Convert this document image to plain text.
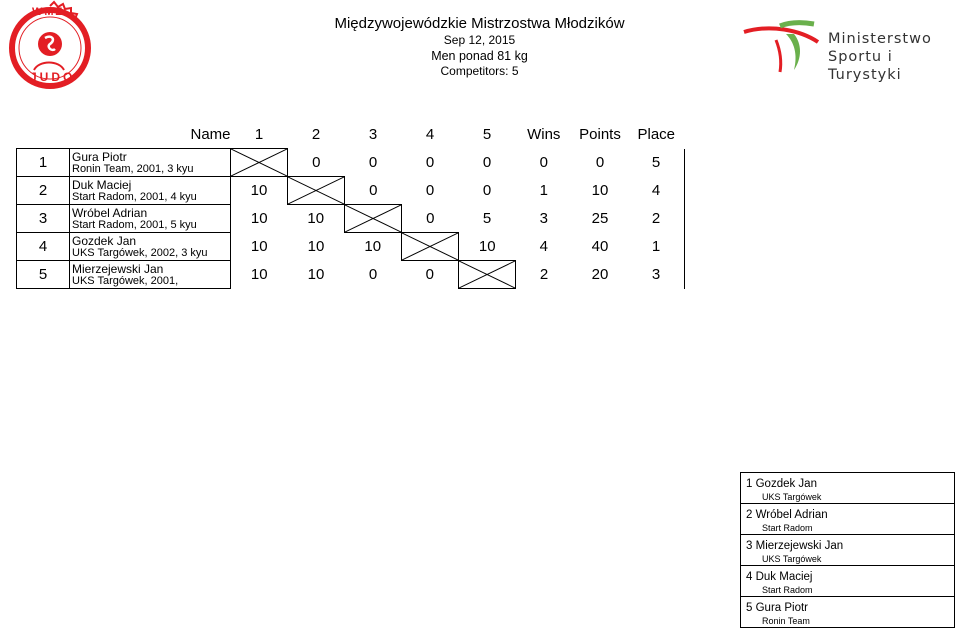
WMZ
JUDO
Ministerstwo
Sportu i Turystyki
Międzywojewódzkie Mistrzostwa Młodzików
Sep 12, 2015
Men ponad 81 kg
Competitors: 5
	Name	1	2	3	4	5	Wins	Points	Place
1	Gura Piotr
Ronin Team, 2001, 3 kyu		0	0	0	0	0	0	5
2	Duk Maciej
Start Radom, 2001, 4 kyu	10		0	0	0	1	10	4
3	Wróbel Adrian
Start Radom, 2001, 5 kyu	10	10		0	5	3	25	2
4	Gozdek Jan
UKS Targówek, 2002, 3 kyu	10	10	10		10	4	40	1
5	Mierzejewski Jan
UKS Targówek, 2001,	10	10	0	0		2	20	3
1 Gozdek Jan
UKS Targówek

2 Wróbel Adrian
Start Radom

3 Mierzejewski Jan
UKS Targówek

4 Duk Maciej
Start Radom

5 Gura Piotr
Ronin Team
